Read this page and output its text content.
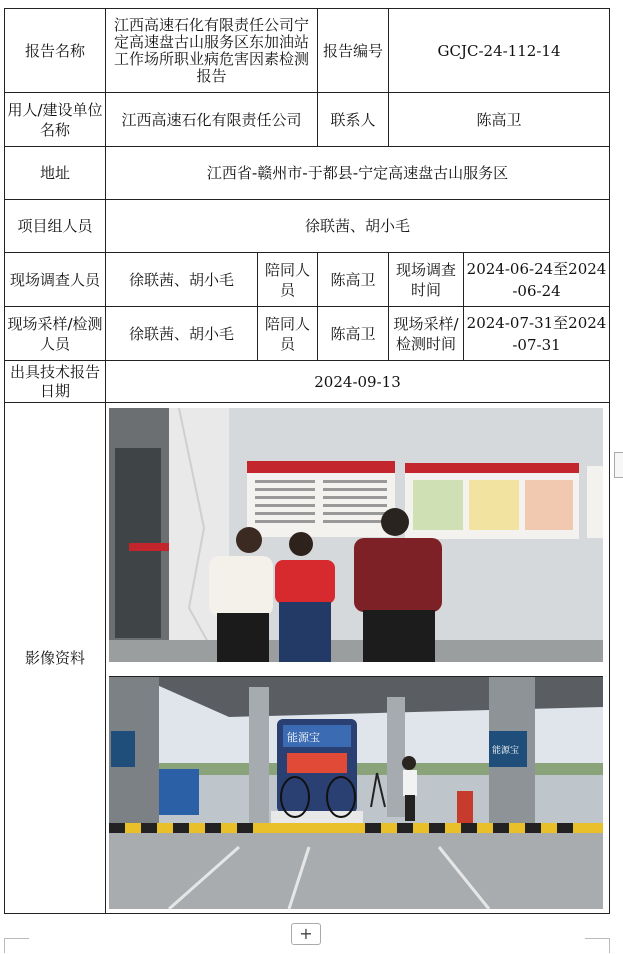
报告名称	江西高速石化有限责任公司宁定高速盘古山服务区东加油站工作场所职业病危害因素检测报告		报告编号	GCJC-24-112-14	
用人/建设单位名称	江西高速石化有限责任公司		联系人	陈高卫	
地址	江西省-赣州市-于都县-宁定高速盘古山服务区				
项目组人员	徐联茜、胡小毛				
现场调查人员	徐联茜、胡小毛	陪同人员	陈高卫	现场调查时间	2024-06-24至2024-06-24
现场采样/检测人员	徐联茜、胡小毛	陪同人员	陈高卫	现场采样/检测时间	2024-07-31至2024-07-31
出具技术报告日期	2024-09-13				
影像资料	能源宝
能源宝				
+
